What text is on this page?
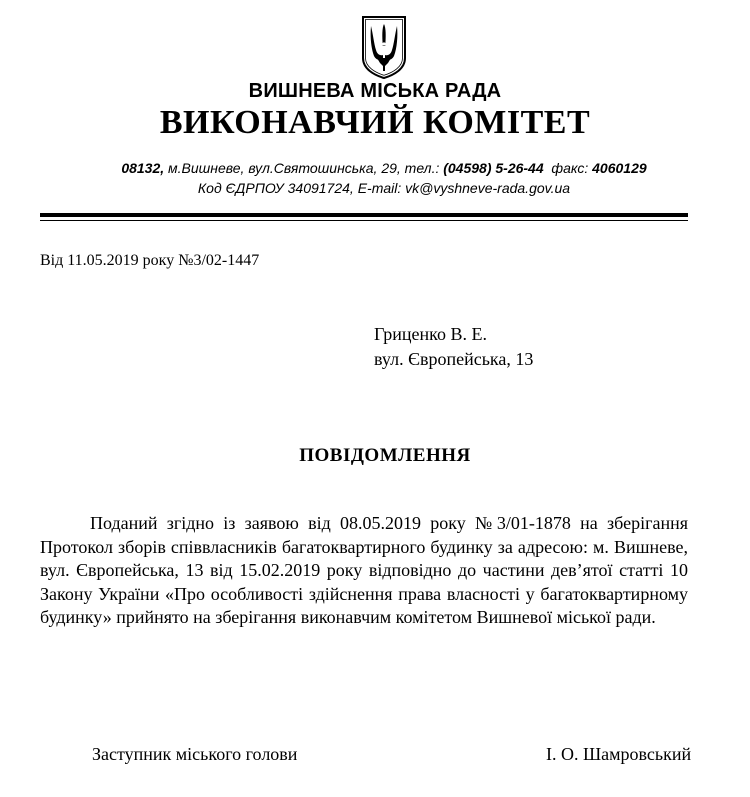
ВИШНЕВА МІСЬКА РАДА
ВИКОНАВЧИЙ КОМІТЕТ
08132, м.Вишневе, вул.Святошинська, 29, тел.: (04598) 5-26-44  факс: 4060129
Код ЄДРПОУ 34091724, E-mail: vk@vyshneve-rada.gov.ua
Від 11.05.2019 року №3/02-1447
Гриценко В. Е.
вул. Європейська, 13
ПОВІДОМЛЕННЯ

Поданий згідно із заявою від 08.05.2019 року №3/01-1878 на зберігання Протокол зборів співвласників багатоквартирного будинку за адресою: м. Вишневе, вул. Європейська, 13 від 15.02.2019 року відповідно до частини дев’ятої статті 10 Закону України «Про особливості здійснення права власності у багатоквартирному будинку» прийнято на зберігання виконавчим комітетом Вишневої міської ради.

Заступник міського голови	І. О. Шамровський
